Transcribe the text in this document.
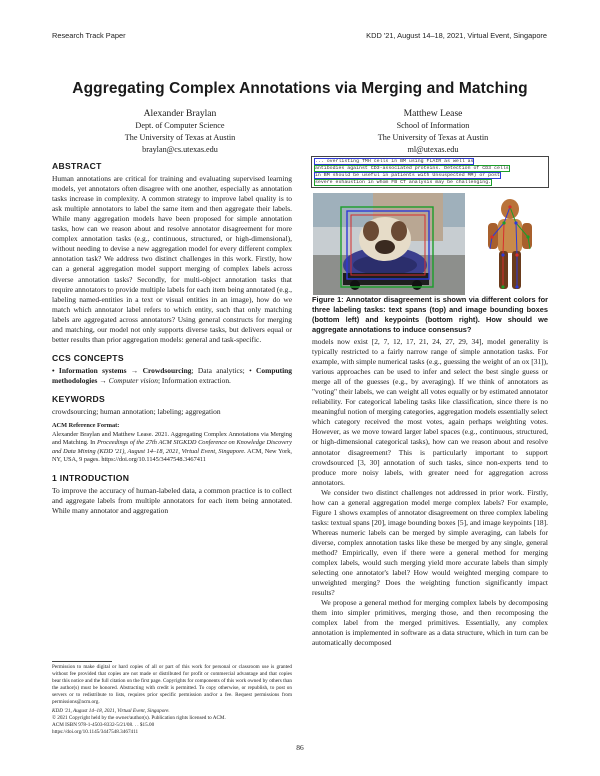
Research Track Paper	KDD '21, August 14–18, 2021, Virtual Event, Singapore
Aggregating Complex Annotations via Merging and Matching
Alexander Braylan
Dept. of Computer Science
The University of Texas at Austin
braylan@cs.utexas.edu
Matthew Lease
School of Information
The University of Texas at Austin
ml@utexas.edu
ABSTRACT

Human annotations are critical for training and evaluating supervised learning models, yet annotators often disagree with one another, especially as annotation tasks increase in complexity. A common strategy to improve label quality is to ask multiple annotators to label the same item and then aggregate their labels. While many aggregation models have been proposed for simple annotation tasks, how can we reason about and resolve annotator disagreement for more complex annotation tasks (e.g., continuous, structured, or high-dimensional), without needing to devise a new aggregation model for every different complex annotation task? We address two distinct challenges in this work. Firstly, how can a general aggregation model support merging of complex labels across diverse annotation tasks? Secondly, for multi-object annotation tasks that require annotators to provide multiple labels for each item being annotated (e.g., labeling named-entities in a text or visual entities in an image), how do we match which annotator label refers to which entity, such that only matching labels are aggregated across annotators? Using general constructs for merging and matching, our model not only supports diverse tasks, but delivers equal or better results than prior aggregation models: general and task-specific.

CCS CONCEPTS

• Information systems → Crowdsourcing; Data analytics; • Computing methodologies → Computer vision; Information extraction.

KEYWORDS

crowdsourcing; human annotation; labeling; aggregation

ACM Reference Format:

Alexander Braylan and Matthew Lease. 2021. Aggregating Complex Annotations via Merging and Matching. In Proceedings of the 27th ACM SIGKDD Conference on Knowledge Discovery and Data Mining (KDD '21), August 14–18, 2021, Virtual Event, Singapore. ACM, New York, NY, USA, 9 pages. https://doi.org/10.1145/3447548.3467411

1 INTRODUCTION

To improve the accuracy of human-labeled data, a common practice is to collect and aggregate labels from multiple annotators for each item being annotated. While many annotator and aggregation

Permission to make digital or hard copies of all or part of this work for personal or classroom use is granted without fee provided that copies are not made or distributed for profit or commercial advantage and that copies bear this notice and the full citation on the first page. Copyrights for components of this work owned by others than the author(s) must be honored. Abstracting with credit is permitted. To copy otherwise, or republish, to post on servers or to redistribute to lists, requires prior specific permission and/or a fee. Request permissions from permissions@acm.org.

KDD '21, August 14–18, 2021, Virtual Event, Singapore.

© 2021 Copyright held by the owner/author(s). Publication rights licensed to ACM.

ACM ISBN 978-1-4503-8332-5/21/08. . . $15.00

https://doi.org/10.1145/3447548.3467411

... overlisting TMH cells in BM using FLAIR as well as
antibodies against CD3-associated proteins. Detection of CD3 cells
in BM should be useful in patients with Unsuspected MM) or post
severe exhaustion in whom FB CT analysis may be challenging.
Figure 1: Annotator disagreement is shown via different colors for three labeling tasks: text spans (top) and image bounding boxes (bottom left) and keypoints (bottom right). How should we aggregate annotations to induce consensus?

models now exist [2, 7, 12, 17, 21, 24, 27, 29, 34], model generality is typically restricted to a fairly narrow range of simple annotation tasks. For example, with simple numerical tasks (e.g., guessing the weight of an ox [31]), various approaches can be used to infer and select the best single guess or merge all of the guesses (e.g., by averaging). If we think of annotators as "voting" their labels, we can weight all votes equally or by estimated annotator reliability. For categorical labeling tasks like classification, since there is no meaningful notion of merging categories, aggregation models essentially select which category received the most votes, again perhaps weighting votes. However, as we move toward larger label spaces (e.g., continuous, structured, or high-dimensional categorical tasks), how can we reason about and resolve annotator disagreement? This is particularly important to support crowdsourced [3, 30] annotation of such tasks, since non-experts tend to produce more noisy labels, with greater need for aggregation across annotators.

We consider two distinct challenges not addressed in prior work. Firstly, how can a general aggregation model merge complex labels? For example, Figure 1 shows examples of annotator disagreement on three complex labeling tasks: textual spans [20], image bounding boxes [5], and image keypoints [18]. Whereas numeric labels can be merged by simple averaging, can labels for diverse, complex annotation tasks like these be merged by any single, general method? Empirically, even if there were a general method for merging complex labels, would such merging yield more accurate labels than simply selecting one annotator's label? How would weighted merging compare to unweighted merging? Does the weighting function significantly impact results?

We propose a general method for merging complex labels by decomposing them into simpler primitives, merging those, and then recomposing the complex label from the merged primitives. Essentially, any complex annotation is implemented in software as a data structure, which in turn can be automatically decomposed

86
